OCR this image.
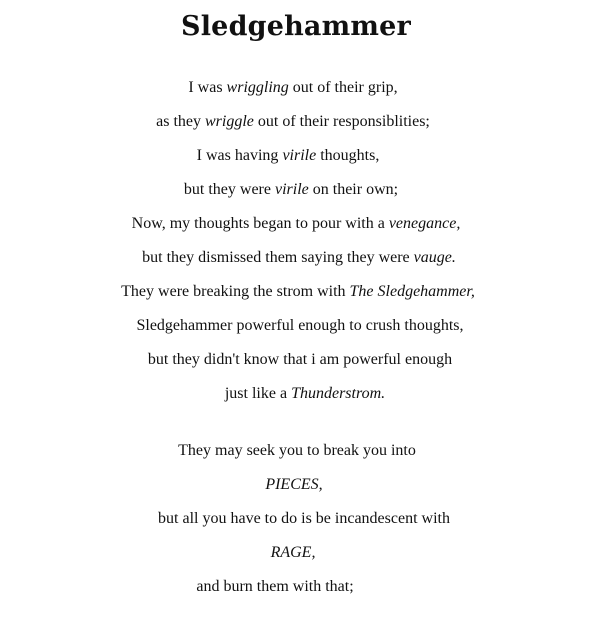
Sledgehammer
I was wriggling out of their grip,
as they wriggle out of their responsiblities;
I was having virile thoughts,
but they were virile on their own;
Now, my thoughts began to pour with a venegance,
but they dismissed them saying they were vauge.
They were breaking the strom with The Sledgehammer,
Sledgehammer powerful enough to crush thoughts,
but they didn't know that i am powerful enough
just like a Thunderstrom.
They may seek you to break you into
PIECES,
but all you have to do is be incandescent with
RAGE,
and burn them with that;
